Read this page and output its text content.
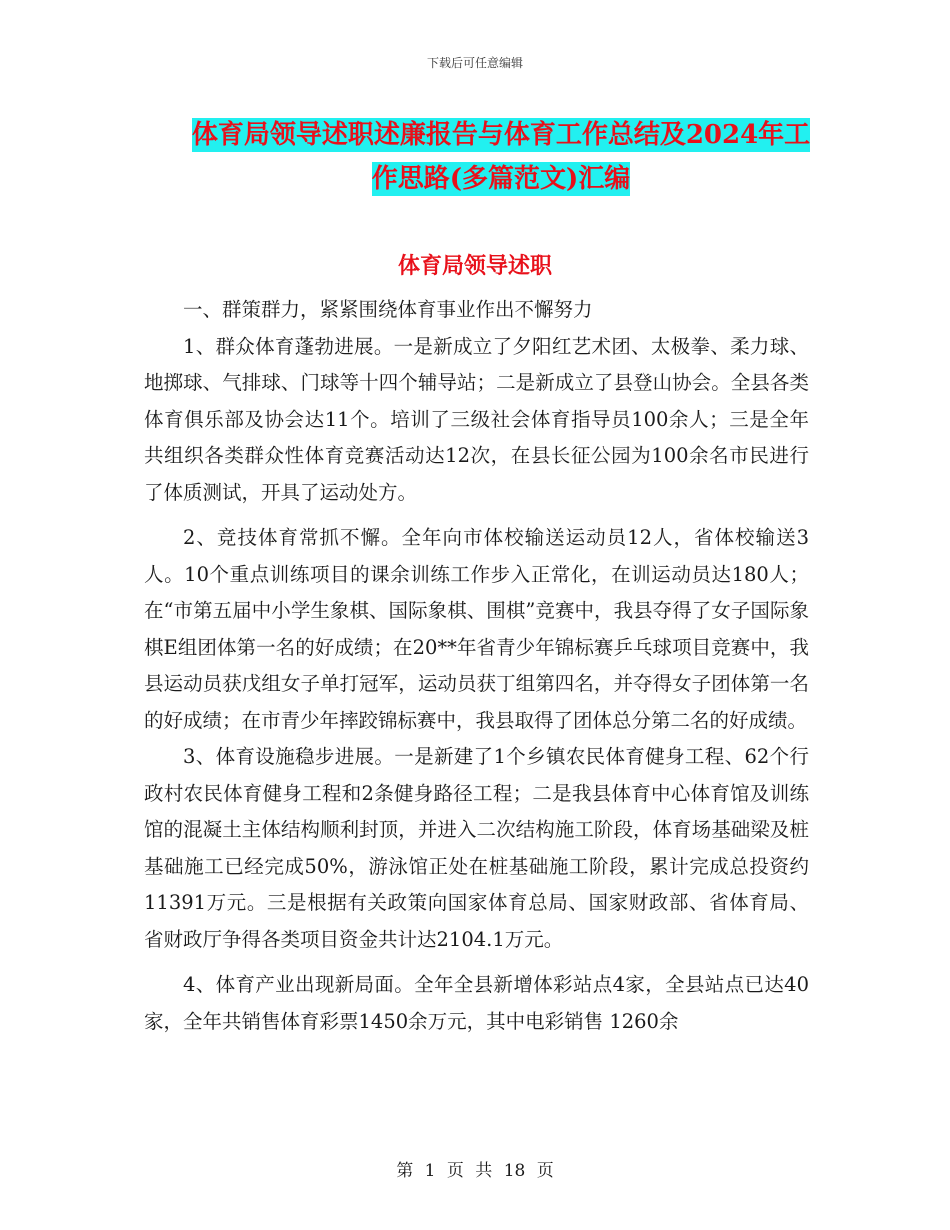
下载后可任意编辑
体育局领导述职述廉报告与体育工作总结及2024年工作思路(多篇范文)汇编
体育局领导述职

一、群策群力，紧紧围绕体育事业作出不懈努力

1、群众体育蓬勃进展。一是新成立了夕阳红艺术团、太极拳、柔力球、地掷球、气排球、门球等十四个辅导站；二是新成立了县登山协会。全县各类体育俱乐部及协会达11个。培训了三级社会体育指导员100余人；三是全年共组织各类群众性体育竞赛活动达12次，在县长征公园为100余名市民进行了体质测试，开具了运动处方。

2、竞技体育常抓不懈。全年向市体校输送运动员12人，省体校输送3人。10个重点训练项目的课余训练工作步入正常化，在训运动员达180人；在“市第五届中小学生象棋、国际象棋、围棋”竞赛中，我县夺得了女子国际象棋E组团体第一名的好成绩；在20**年省青少年锦标赛乒乓球项目竞赛中，我县运动员获戊组女子单打冠军，运动员获丁组第四名，并夺得女子团体第一名的好成绩；在市青少年摔跤锦标赛中，我县取得了团体总分第二名的好成绩。

3、体育设施稳步进展。一是新建了1个乡镇农民体育健身工程、62个行政村农民体育健身工程和2条健身路径工程；二是我县体育中心体育馆及训练馆的混凝土主体结构顺利封顶，并进入二次结构施工阶段，体育场基础梁及桩基础施工已经完成50%，游泳馆正处在桩基础施工阶段，累计完成总投资约11391万元。三是根据有关政策向国家体育总局、国家财政部、省体育局、省财政厅争得各类项目资金共计达2104.1万元。

4、体育产业出现新局面。全年全县新增体彩站点4家，全县站点已达40家，全年共销售体育彩票1450余万元，其中电彩销售 1260余

第 1 页 共 18 页
